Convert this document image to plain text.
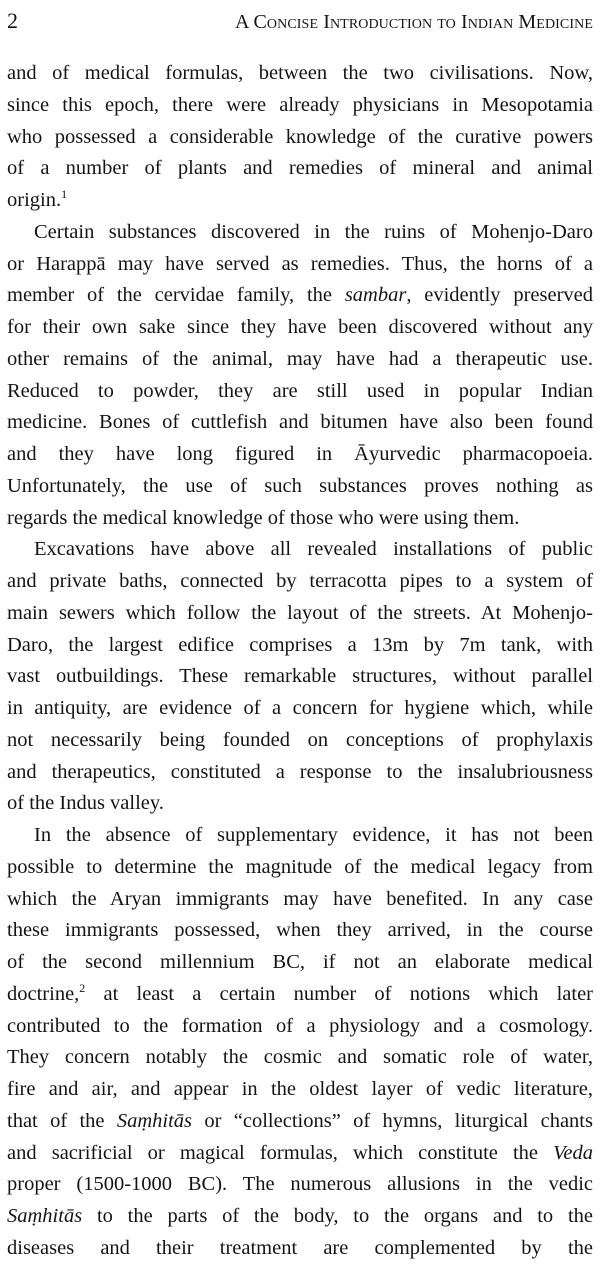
2	A Concise Introduction to Indian Medicine
and of medical formulas, between the two civilisations. Now,
since this epoch, there were already physicians in Mesopotamia
who possessed a considerable knowledge of the curative powers
of a number of plants and remedies of mineral and animal
origin.$^1$
Certain substances discovered in the ruins of Mohenjo-Daro
or Harappā may have served as remedies. Thus, the horns of a
member of the cervidae family, the sambar, evidently preserved
for their own sake since they have been discovered without any
other remains of the animal, may have had a therapeutic use.
Reduced to powder, they are still used in popular Indian
medicine. Bones of cuttlefish and bitumen have also been found
and they have long figured in Āyurvedic pharmacopoeia.
Unfortunately, the use of such substances proves nothing as
regards the medical knowledge of those who were using them.
Excavations have above all revealed installations of public
and private baths, connected by terracotta pipes to a system of
main sewers which follow the layout of the streets. At Mohenjo-
Daro, the largest edifice comprises a 13m by 7m tank, with
vast outbuildings. These remarkable structures, without parallel
in antiquity, are evidence of a concern for hygiene which, while
not necessarily being founded on conceptions of prophylaxis
and therapeutics, constituted a response to the insalubriousness
of the Indus valley.
In the absence of supplementary evidence, it has not been
possible to determine the magnitude of the medical legacy from
which the Aryan immigrants may have benefited. In any case
these immigrants possessed, when they arrived, in the course
of the second millennium BC, if not an elaborate medical
doctrine,$^2$ at least a certain number of notions which later
contributed to the formation of a physiology and a cosmology.
They concern notably the cosmic and somatic role of water,
fire and air, and appear in the oldest layer of vedic literature,
that of the Saṃhitās or “collections” of hymns, liturgical chants
and sacrificial or magical formulas, which constitute the Veda
proper (1500-1000 BC). The numerous allusions in the vedic
Saṃhitās to the parts of the body, to the organs and to the
diseases and their treatment are complemented by the
